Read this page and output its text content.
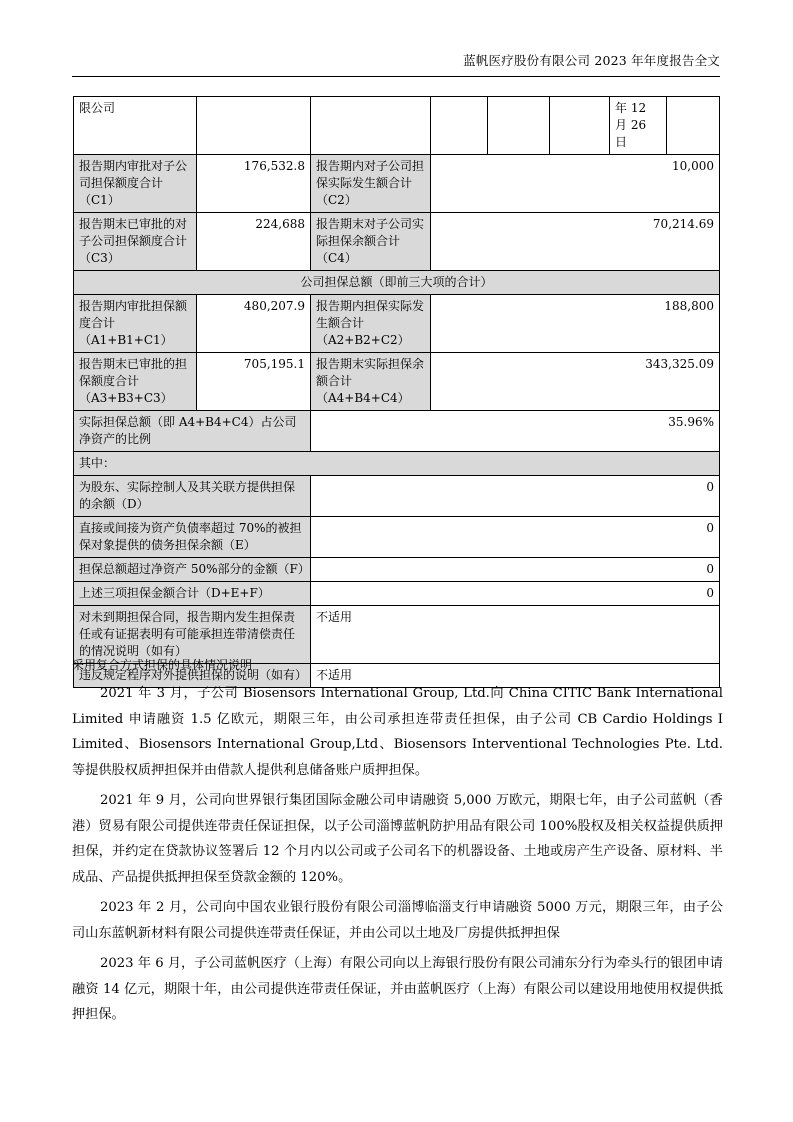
蓝帆医疗股份有限公司 2023 年年度报告全文
限公司						年 12 月 26 日	
报告期内审批对子公司担保额度合计（C1）	176,532.8	报告期内对子公司担保实际发生额合计（C2）	10,000				
报告期末已审批的对子公司担保额度合计（C3）	224,688	报告期末对子公司实际担保余额合计（C4）	70,214.69				
公司担保总额（即前三大项的合计）							
报告期内审批担保额度合计（A1+B1+C1）	480,207.9	报告期内担保实际发生额合计（A2+B2+C2）	188,800				
报告期末已审批的担保额度合计（A3+B3+C3）	705,195.1	报告期末实际担保余额合计（A4+B4+C4）	343,325.09				
实际担保总额（即 A4+B4+C4）占公司净资产的比例		35.96%					
其中：							
为股东、实际控制人及其关联方提供担保的余额（D）		0					
直接或间接为资产负债率超过 70%的被担保对象提供的债务担保余额（E）		0					
担保总额超过净资产 50%部分的金额（F）		0					
上述三项担保金额合计（D+E+F）		0					
对未到期担保合同，报告期内发生担保责任或有证据表明有可能承担连带清偿责任的情况说明（如有）		不适用					
违反规定程序对外提供担保的说明（如有）		不适用					

采用复合方式担保的具体情况说明

2021 年 3 月，子公司 Biosensors International Group, Ltd.向 China CITIC Bank International Limited 申请融资 1.5 亿欧元，期限三年，由公司承担连带责任担保，由子公司 CB Cardio Holdings I Limited、Biosensors International Group,Ltd、Biosensors Interventional Technologies Pte. Ltd.等提供股权质押担保并由借款人提供利息储备账户质押担保。

2021 年 9 月，公司向世界银行集团国际金融公司申请融资 5,000 万欧元，期限七年，由子公司蓝帆（香港）贸易有限公司提供连带责任保证担保，以子公司淄博蓝帆防护用品有限公司 100%股权及相关权益提供质押担保，并约定在贷款协议签署后 12 个月内以公司或子公司名下的机器设备、土地或房产生产设备、原材料、半成品、产品提供抵押担保至贷款金额的 120%。

2023 年 2 月，公司向中国农业银行股份有限公司淄博临淄支行申请融资 5000 万元，期限三年，由子公司山东蓝帆新材料有限公司提供连带责任保证，并由公司以土地及厂房提供抵押担保

2023 年 6 月，子公司蓝帆医疗（上海）有限公司向以上海银行股份有限公司浦东分行为牵头行的银团申请融资 14 亿元，期限十年，由公司提供连带责任保证，并由蓝帆医疗（上海）有限公司以建设用地使用权提供抵押担保。
